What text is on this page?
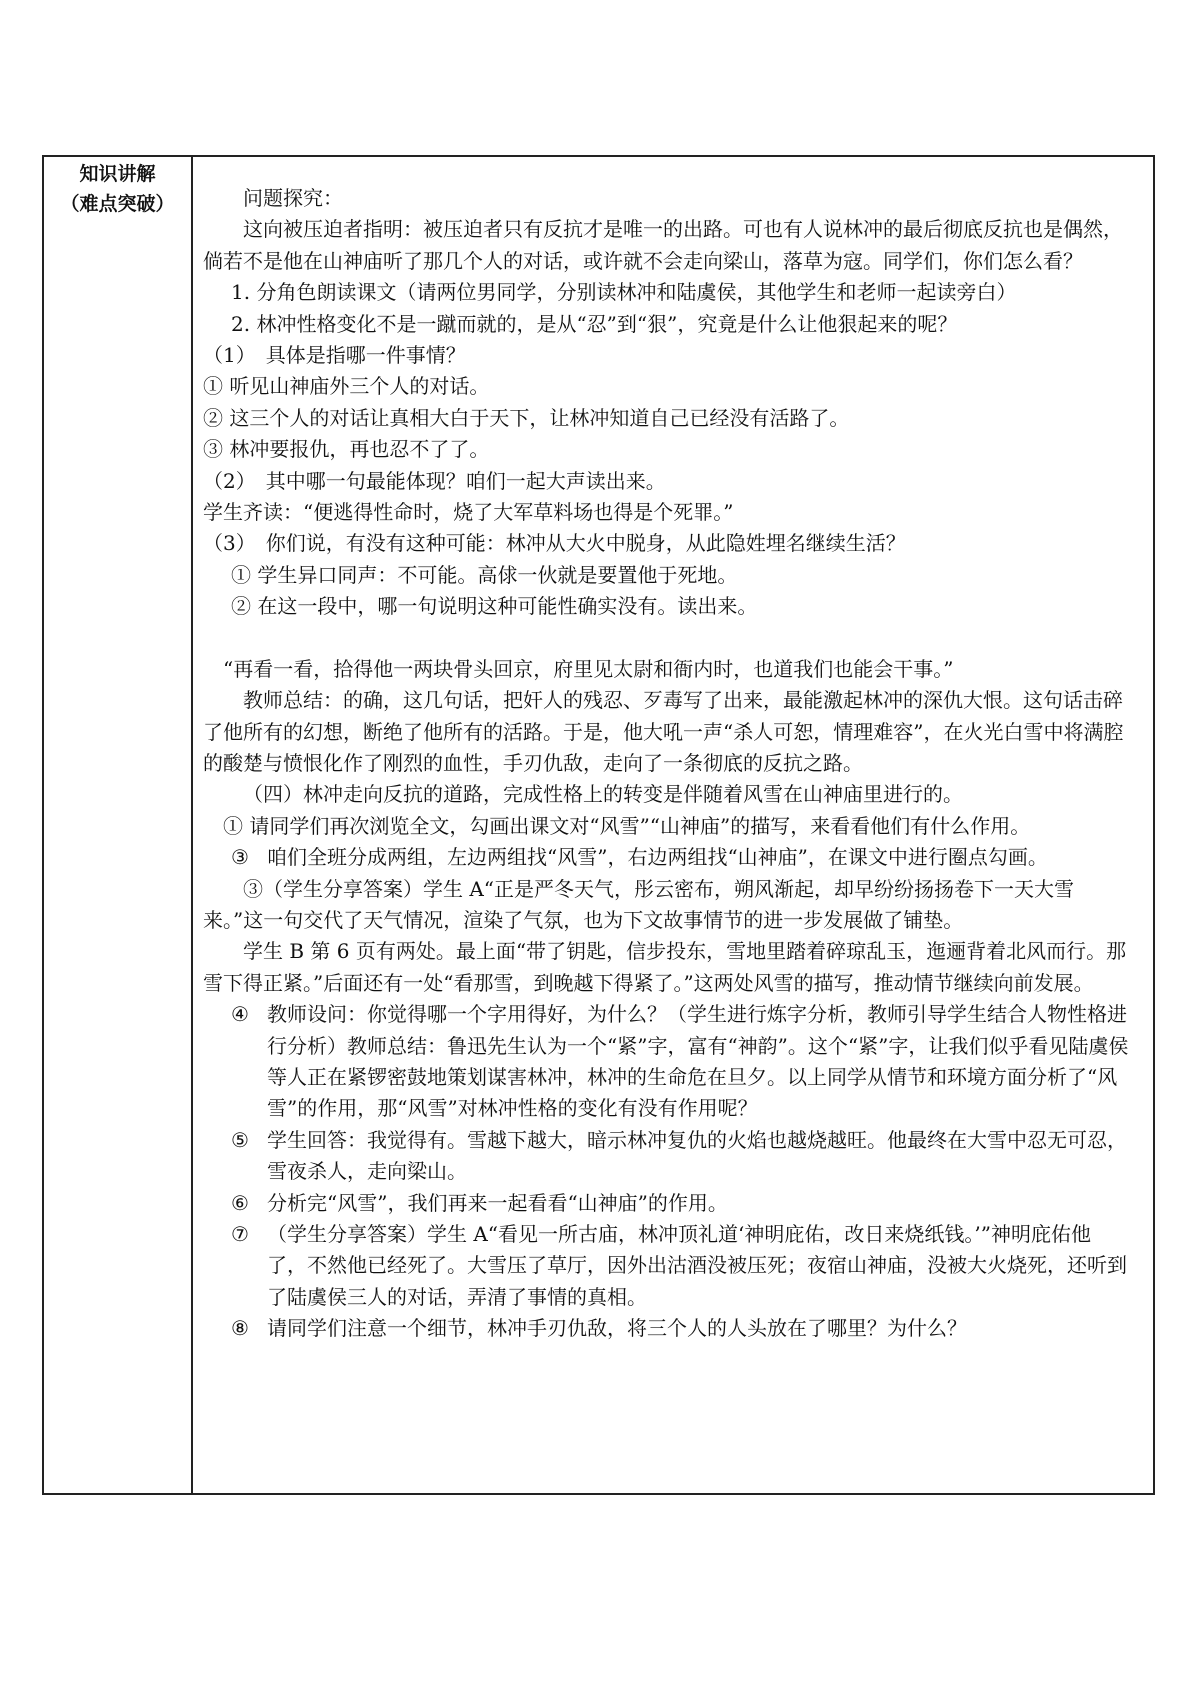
知识讲解
（难点突破）	问题探究：

这向被压迫者指明：被压迫者只有反抗才是唯一的出路。可也有人说林冲的最后彻底反抗也是偶然，倘若不是他在山神庙听了那几个人的对话，或许就不会走向梁山，落草为寇。同学们，你们怎么看？

1. 分角色朗读课文（请两位男同学，分别读林冲和陆虞侯，其他学生和老师一起读旁白）

2. 林冲性格变化不是一蹴而就的，是从“忍”到“狠”，究竟是什么让他狠起来的呢？

（1）　具体是指哪一件事情？

① 听见山神庙外三个人的对话。

② 这三个人的对话让真相大白于天下，让林冲知道自己已经没有活路了。

③ 林冲要报仇，再也忍不了了。

（2）　其中哪一句最能体现？咱们一起大声读出来。

学生齐读：“便逃得性命时，烧了大军草料场也得是个死罪。”

（3）　你们说，有没有这种可能：林冲从大火中脱身，从此隐姓埋名继续生活？

① 学生异口同声：不可能。高俅一伙就是要置他于死地。

② 在这一段中，哪一句说明这种可能性确实没有。读出来。

“再看一看，拾得他一两块骨头回京，府里见太尉和衙内时，也道我们也能会干事。”

教师总结：的确，这几句话，把奸人的残忍、歹毒写了出来，最能激起林冲的深仇大恨。这句话击碎了他所有的幻想，断绝了他所有的活路。于是，他大吼一声“杀人可恕，情理难容”，在火光白雪中将满腔的酸楚与愤恨化作了刚烈的血性，手刃仇敌，走向了一条彻底的反抗之路。

（四）林冲走向反抗的道路，完成性格上的转变是伴随着风雪在山神庙里进行的。

① 请同学们再次浏览全文，勾画出课文对“风雪”“山神庙”的描写，来看看他们有什么作用。

③ 咱们全班分成两组，左边两组找“风雪”，右边两组找“山神庙”，在课文中进行圈点勾画。

③（学生分享答案）学生 A“正是严冬天气，彤云密布，朔风渐起，却早纷纷扬扬卷下一天大雪来。”这一句交代了天气情况，渲染了气氛，也为下文故事情节的进一步发展做了铺垫。

学生 B 第 6 页有两处。最上面“带了钥匙，信步投东，雪地里踏着碎琼乱玉，迤逦背着北风而行。那雪下得正紧。”后面还有一处“看那雪，到晚越下得紧了。”这两处风雪的描写，推动情节继续向前发展。

④ 教师设问：你觉得哪一个字用得好，为什么？（学生进行炼字分析，教师引导学生结合人物性格进行分析）教师总结：鲁迅先生认为一个“紧”字，富有“神韵”。这个“紧”字，让我们似乎看见陆虞侯等人正在紧锣密鼓地策划谋害林冲，林冲的生命危在旦夕。以上同学从情节和环境方面分析了“风雪”的作用，那“风雪”对林冲性格的变化有没有作用呢？

⑤ 学生回答：我觉得有。雪越下越大，暗示林冲复仇的火焰也越烧越旺。他最终在大雪中忍无可忍，雪夜杀人，走向梁山。

⑥ 分析完“风雪”，我们再来一起看看“山神庙”的作用。

⑦ （学生分享答案）学生 A“看见一所古庙，林冲顶礼道‘神明庇佑，改日来烧纸钱。’”神明庇佑他了，不然他已经死了。大雪压了草厅，因外出沽酒没被压死；夜宿山神庙，没被大火烧死，还听到了陆虞侯三人的对话，弄清了事情的真相。

⑧ 请同学们注意一个细节，林冲手刃仇敌，将三个人的人头放在了哪里？为什么？
